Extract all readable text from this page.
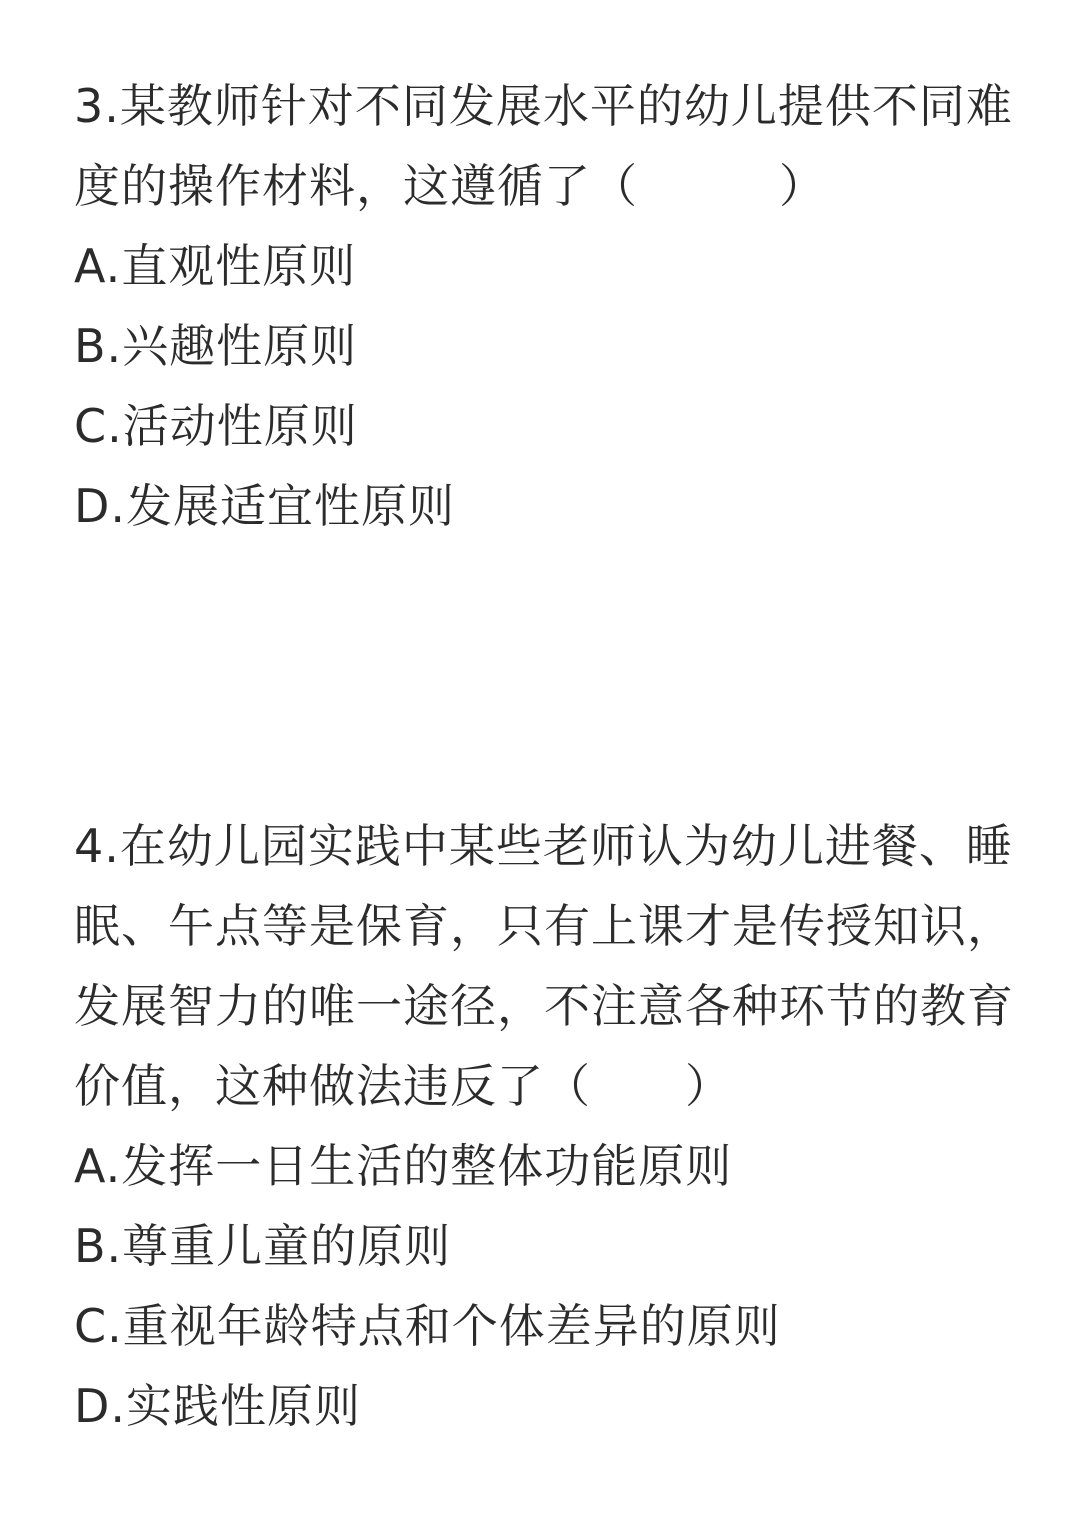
3.某教师针对不同发展水平的幼儿提供不同难度的操作材料，这遵循了（　　　）
A.直观性原则
B.兴趣性原则
C.活动性原则
D.发展适宜性原则
4.在幼儿园实践中某些老师认为幼儿进餐、睡眠、午点等是保育，只有上课才是传授知识，发展智力的唯一途径，不注意各种环节的教育价值，这种做法违反了（　　）
A.发挥一日生活的整体功能原则
B.尊重儿童的原则
C.重视年龄特点和个体差异的原则
D.实践性原则
